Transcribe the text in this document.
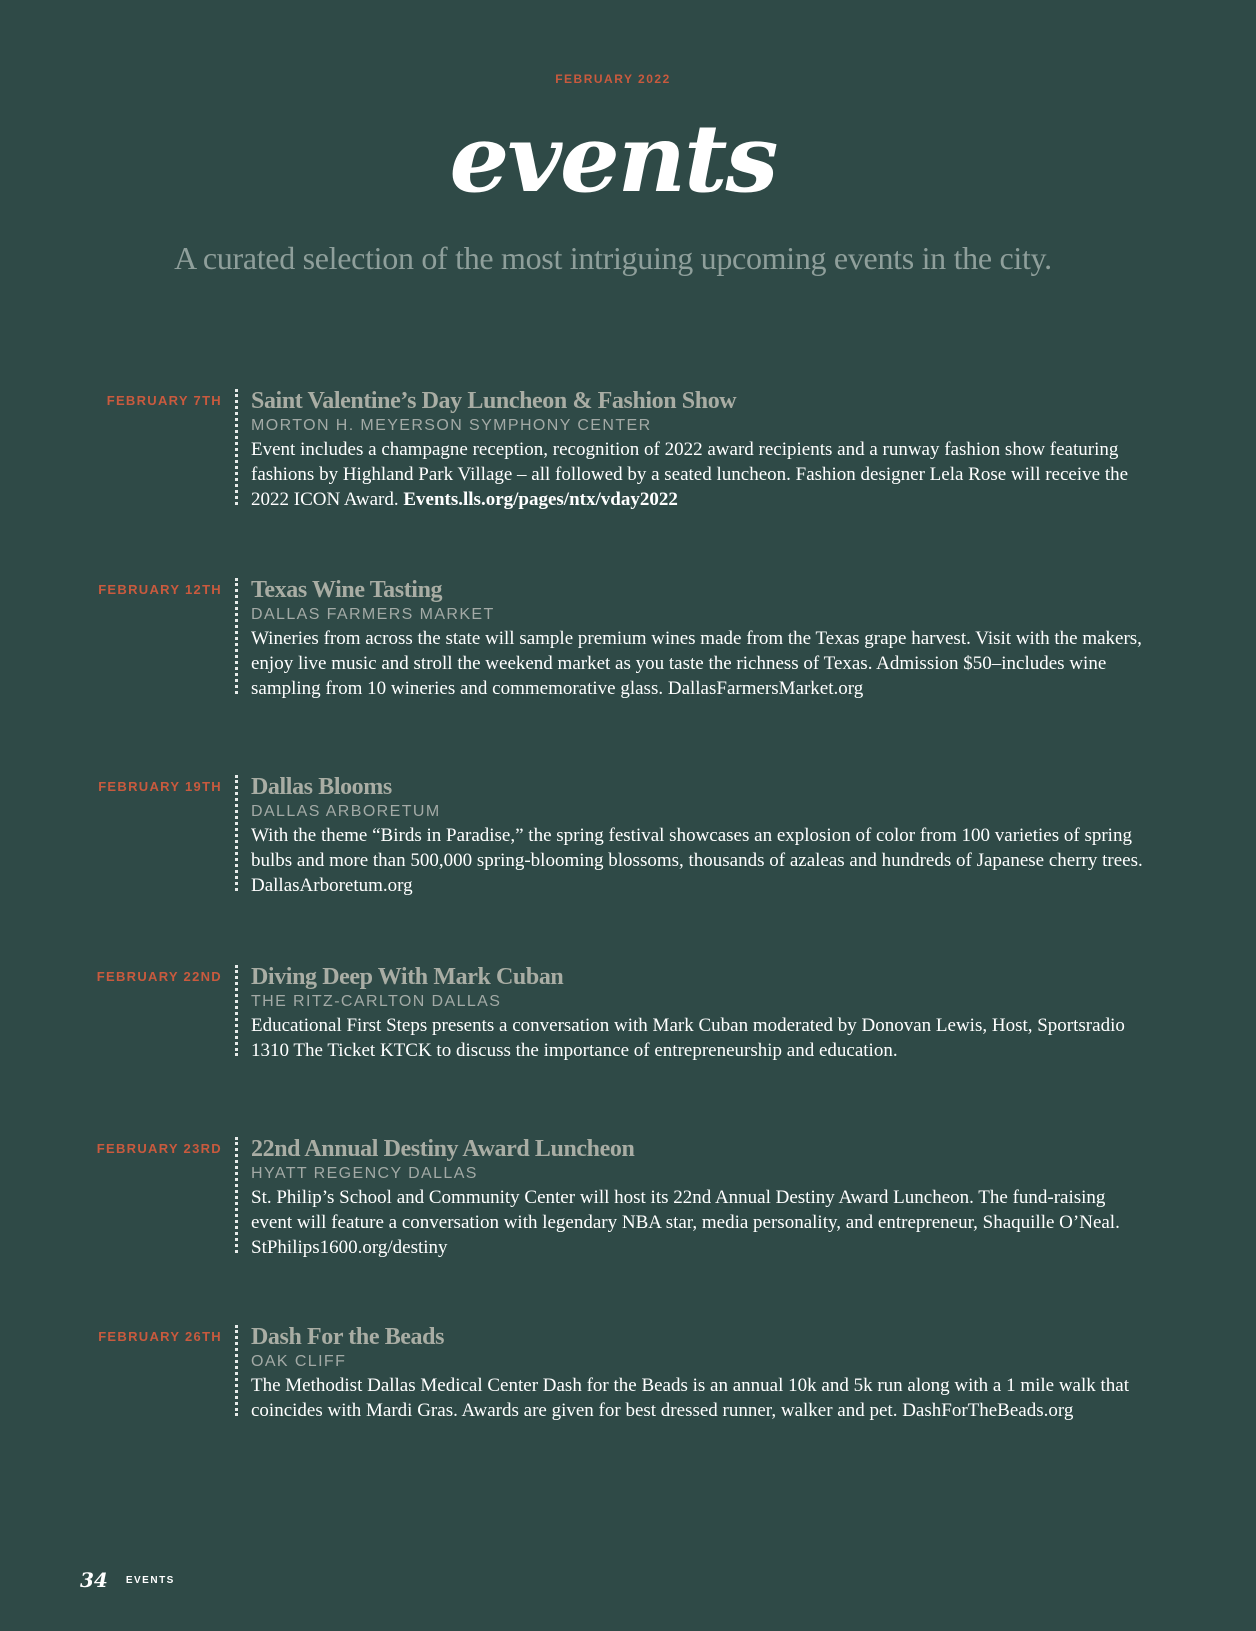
FEBRUARY 2022
events
A curated selection of the most intriguing upcoming events in the city.
FEBRUARY 7TH Saint Valentine’s Day Luncheon & Fashion Show
MORTON H. MEYERSON SYMPHONY CENTER
Event includes a champagne reception, recognition of 2022 award recipients and a runway fashion show featuring fashions by Highland Park Village – all followed by a seated luncheon. Fashion designer Lela Rose will receive the 2022 ICON Award. Events.lls.org/pages/ntx/vday2022
FEBRUARY 12TH Texas Wine Tasting
DALLAS FARMERS MARKET
Wineries from across the state will sample premium wines made from the Texas grape harvest. Visit with the makers, enjoy live music and stroll the weekend market as you taste the richness of Texas. Admission $50–includes wine sampling from 10 wineries and commemorative glass. DallasFarmersMarket.org
FEBRUARY 19TH Dallas Blooms
DALLAS ARBORETUM
With the theme “Birds in Paradise,” the spring festival showcases an explosion of color from 100 varieties of spring bulbs and more than 500,000 spring-blooming blossoms, thousands of azaleas and hundreds of Japanese cherry trees. DallasArboretum.org
FEBRUARY 22ND Diving Deep With Mark Cuban
THE RITZ-CARLTON DALLAS
Educational First Steps presents a conversation with Mark Cuban moderated by Donovan Lewis, Host, Sportsradio 1310 The Ticket KTCK to discuss the importance of entrepreneurship and education.
FEBRUARY 23RD 22nd Annual Destiny Award Luncheon
HYATT REGENCY DALLAS
St. Philip’s School and Community Center will host its 22nd Annual Destiny Award Luncheon. The fund-raising event will feature a conversation with legendary NBA star, media personality, and entrepreneur, Shaquille O’Neal. StPhilips1600.org/destiny
FEBRUARY 26TH Dash For the Beads
OAK CLIFF
The Methodist Dallas Medical Center Dash for the Beads is an annual 10k and 5k run along with a 1 mile walk that coincides with Mardi Gras. Awards are given for best dressed runner, walker and pet. DashForTheBeads.org
34 EVENTS
